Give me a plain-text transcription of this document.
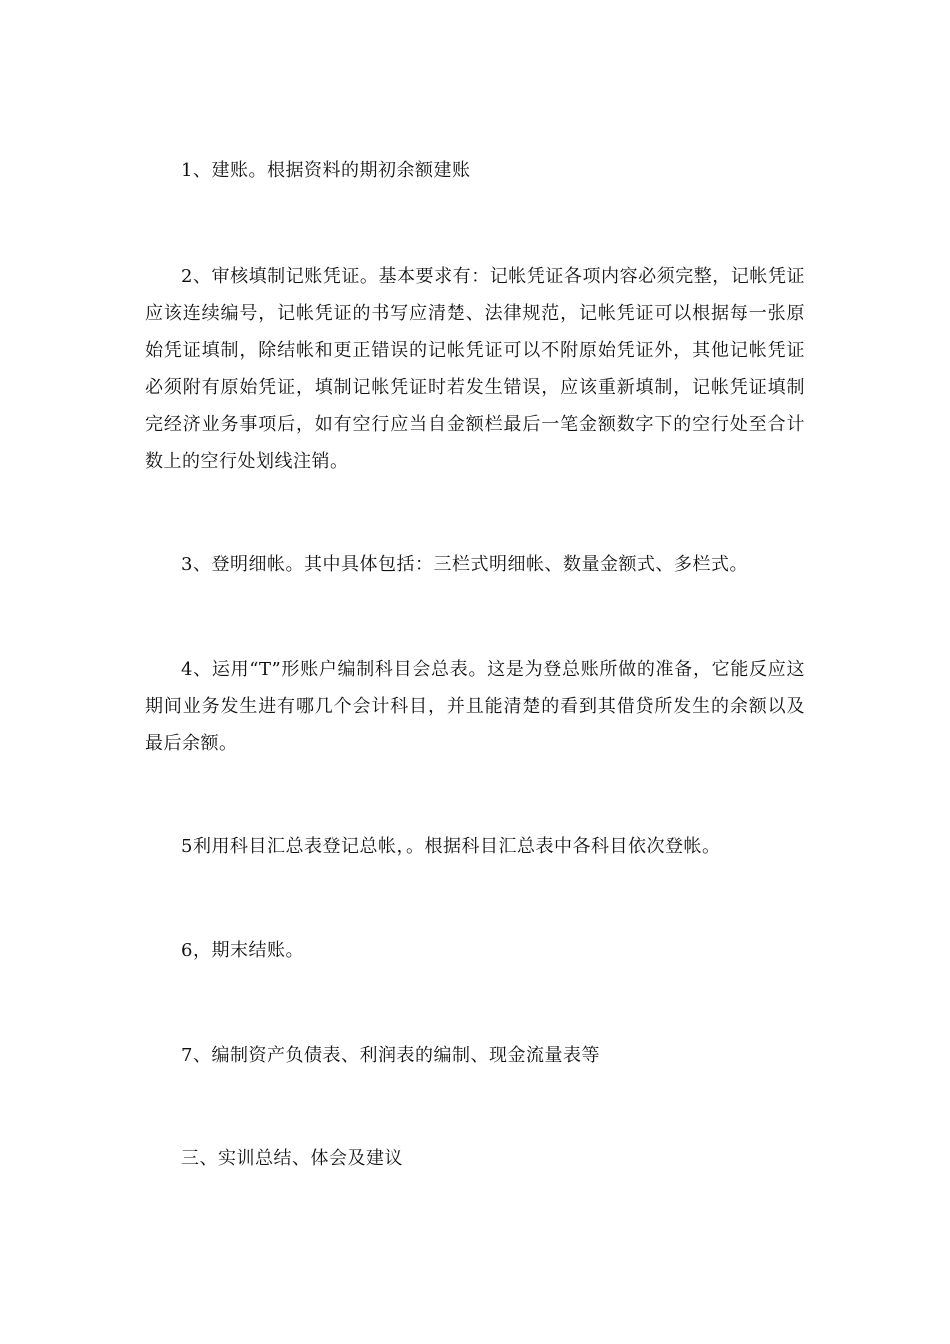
1、建账。根据资料的期初余额建账

2、审核填制记账凭证。基本要求有：记帐凭证各项内容必须完整，记帐凭证应该连续编号，记帐凭证的书写应清楚、法律规范，记帐凭证可以根据每一张原始凭证填制，除结帐和更正错误的记帐凭证可以不附原始凭证外，其他记帐凭证必须附有原始凭证，填制记帐凭证时若发生错误，应该重新填制，记帐凭证填制完经济业务事项后，如有空行应当自金额栏最后一笔金额数字下的空行处至合计数上的空行处划线注销。

3、登明细帐。其中具体包括：三栏式明细帐、数量金额式、多栏式。

4、运用“T”形账户编制科目会总表。这是为登总账所做的准备，它能反应这期间业务发生进有哪几个会计科目，并且能清楚的看到其借贷所发生的余额以及最后余额。

5利用科目汇总表登记总帐，。根据科目汇总表中各科目依次登帐。

6，期末结账。

7、编制资产负债表、利润表的编制、现金流量表等

三、实训总结、体会及建议
